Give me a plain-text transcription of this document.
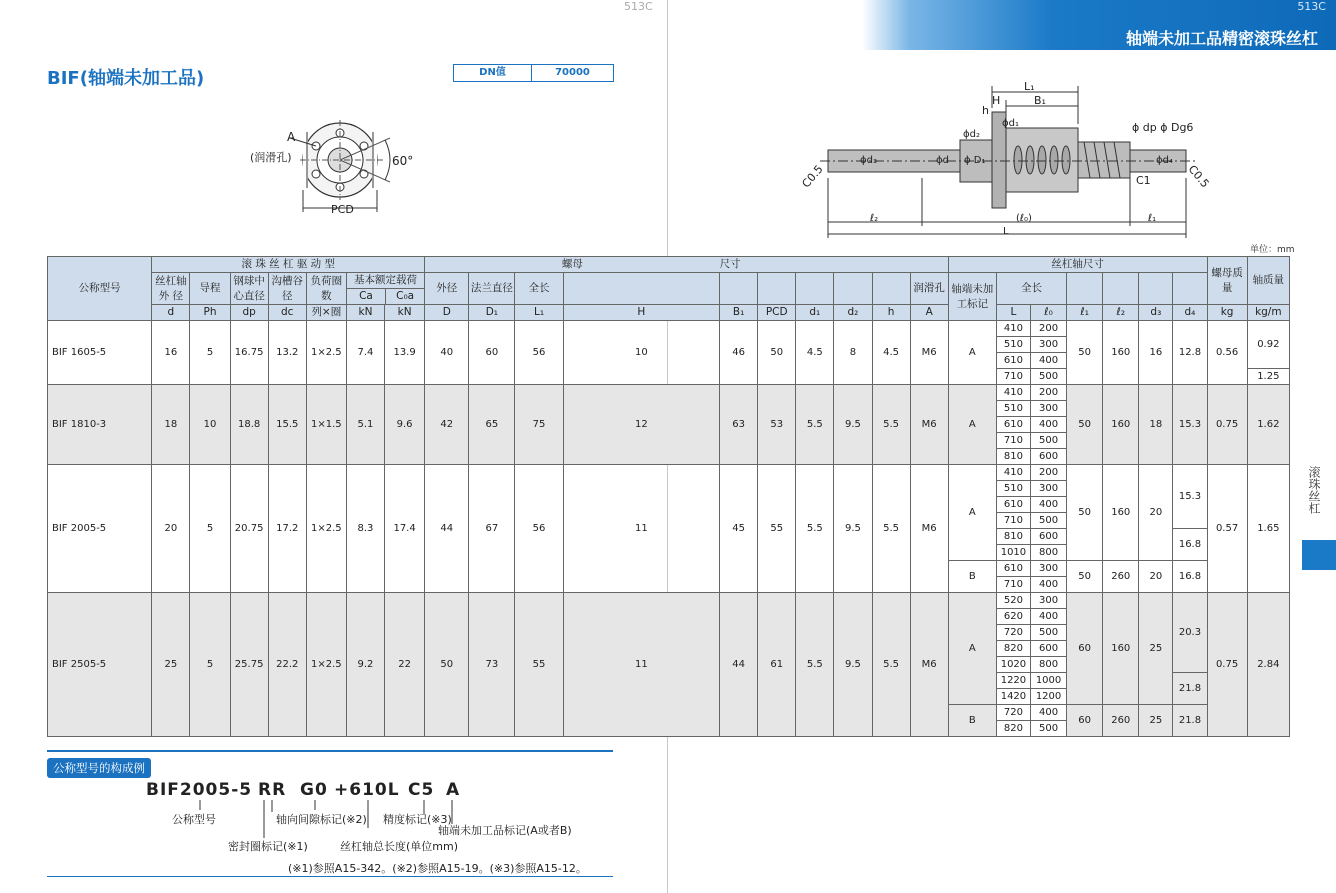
513C	513C
轴端未加工品精密滚珠丝杠
BIF(轴端未加工品)	DN值	70000
A
(润滑孔)	60°
PCD
L₁
B₁
H
h
ϕd₁
ϕd₂
ϕ dp ϕ Dg6
ϕd₃	ϕd ϕ D₁	ϕd₄
C1
C0.5	C0.5
ℓ₂	(ℓ₀)	ℓ₁
L
单位：mm
公称型号	滚 珠 丝 杠 驱 动 型							螺母				尺寸						丝杠轴尺寸							螺母质量	轴质量
	丝杠轴外 径	导程	钢球中心直径	沟槽谷径	负荷圈数	基本额定载荷
Ca C₀a		外径	法兰直径	全长							润滑孔	轴端未加工标记	全长							
	d	Ph	dp	dc	列×圈	kN	kN	D	D₁	L₁	H	B₁	PCD	d₁	d₂	h	A		L	ℓ₀	ℓ₁	ℓ₂	d₃	d₄	kg	kg/m
BIF 1605-5	16	5	16.75	13.2	1×2.5	7.4	13.9	40	60	56	10	46	50	4.5	8	4.5	M6	A	410	200	50	160	16	12.8	0.56	0.92
																			510	300						
																			610	400						
																			710	500						1.25
BIF 1810-3	18	10	18.8	15.5	1×1.5	5.1	9.6	42	65	75	12	63	53	5.5	9.5	5.5	M6	A	410	200	50	160	18	15.3	0.75	1.62
																			510	300						
																			610	400						
																			710	500						
																			810	600						
BIF 2005-5	20	5	20.75	17.2	1×2.5	8.3	17.4	44	67	56	11	45	55	5.5	9.5	5.5	M6	A	410	200	50	160	20	15.3	0.57	1.65
																			510	300						
																			610	400						
																			710	500						
																			810	600				16.8		
																			1010	800						
																		B	610	300	50	260	20	16.8		
																			710	400						
BIF 2505-5	25	5	25.75	22.2	1×2.5	9.2	22	50	73	55	11	44	61	5.5	9.5	5.5	M6	A	520	300	60	160	25	20.3	0.75	2.84
																			620	400						
																			720	500						
																			820	600						
																			1020	800						
																			1220	1000				21.8		
																			1420	1200						
																		B	720	400	60	260	25	21.8		
																			820	500						
滚珠丝杠
公称型号的构成例
BIF2005-5 RR G0 +610L C5 A
公称型号	轴向间隙标记(※2) 精度标记(※3)
轴端未加工品标记(A或者B)
密封圈标记(※1)	丝杠轴总长度(单位mm)
(※1)参照A15-342。(※2)参照A15-19。(※3)参照A15-12。
